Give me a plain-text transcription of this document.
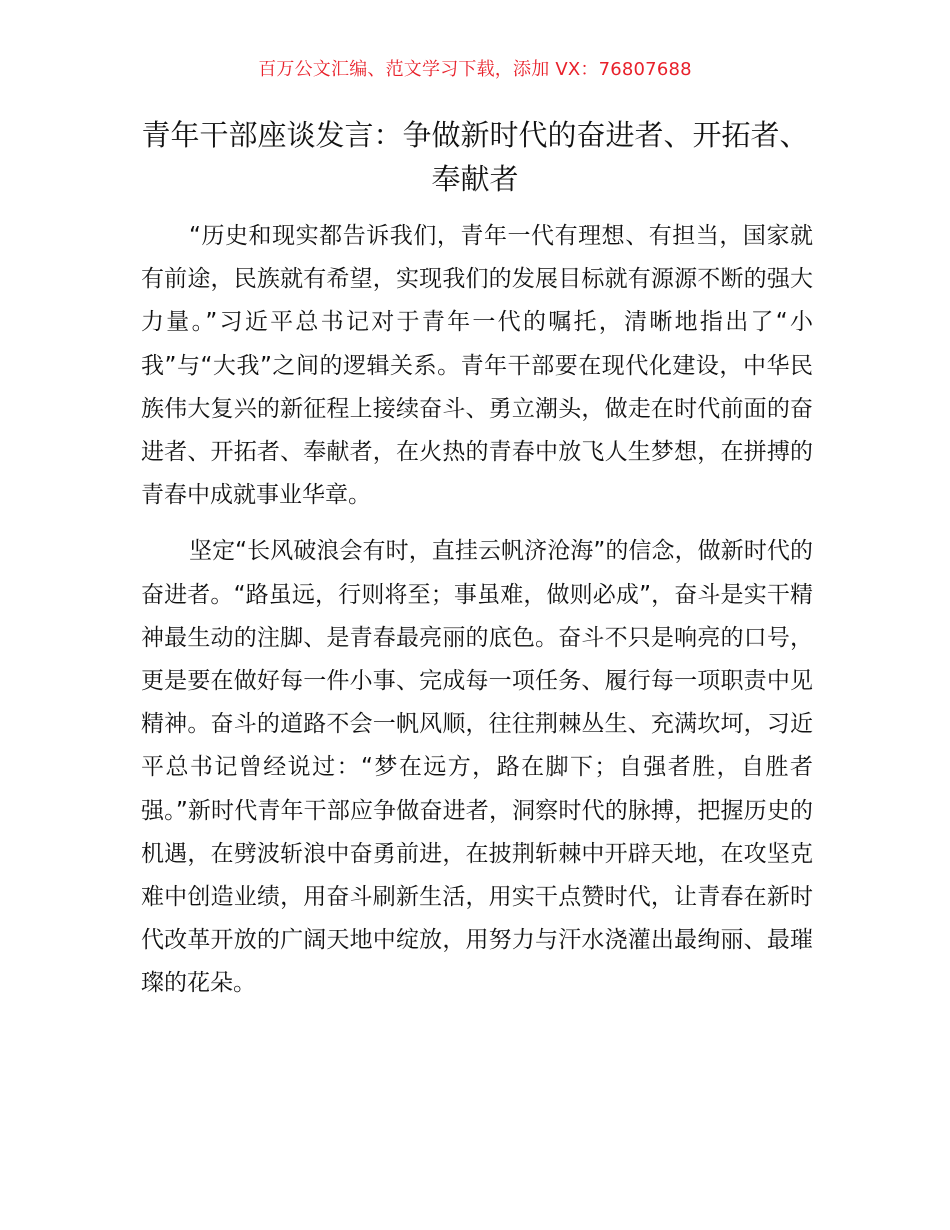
百万公文汇编、范文学习下载，添加 VX：76807688
青年干部座谈发言：争做新时代的奋进者、开拓者、奉献者

“历史和现实都告诉我们，青年一代有理想、有担当，国家就有前途，民族就有希望，实现我们的发展目标就有源源不断的强大力量。”习近平总书记对于青年一代的嘱托，清晰地指出了“小我”与“大我”之间的逻辑关系。青年干部要在现代化建设，中华民族伟大复兴的新征程上接续奋斗、勇立潮头，做走在时代前面的奋进者、开拓者、奉献者，在火热的青春中放飞人生梦想，在拼搏的青春中成就事业华章。

坚定“长风破浪会有时，直挂云帆济沧海”的信念，做新时代的奋进者。“路虽远，行则将至；事虽难，做则必成”，奋斗是实干精神最生动的注脚、是青春最亮丽的底色。奋斗不只是响亮的口号，更是要在做好每一件小事、完成每一项任务、履行每一项职责中见精神。奋斗的道路不会一帆风顺，往往荆棘丛生、充满坎坷，习近平总书记曾经说过：“梦在远方，路在脚下；自强者胜，自胜者强。”新时代青年干部应争做奋进者，洞察时代的脉搏，把握历史的机遇，在劈波斩浪中奋勇前进，在披荆斩棘中开辟天地，在攻坚克难中创造业绩，用奋斗刷新生活，用实干点赞时代，让青春在新时代改革开放的广阔天地中绽放，用努力与汗水浇灌出最绚丽、最璀璨的花朵。
